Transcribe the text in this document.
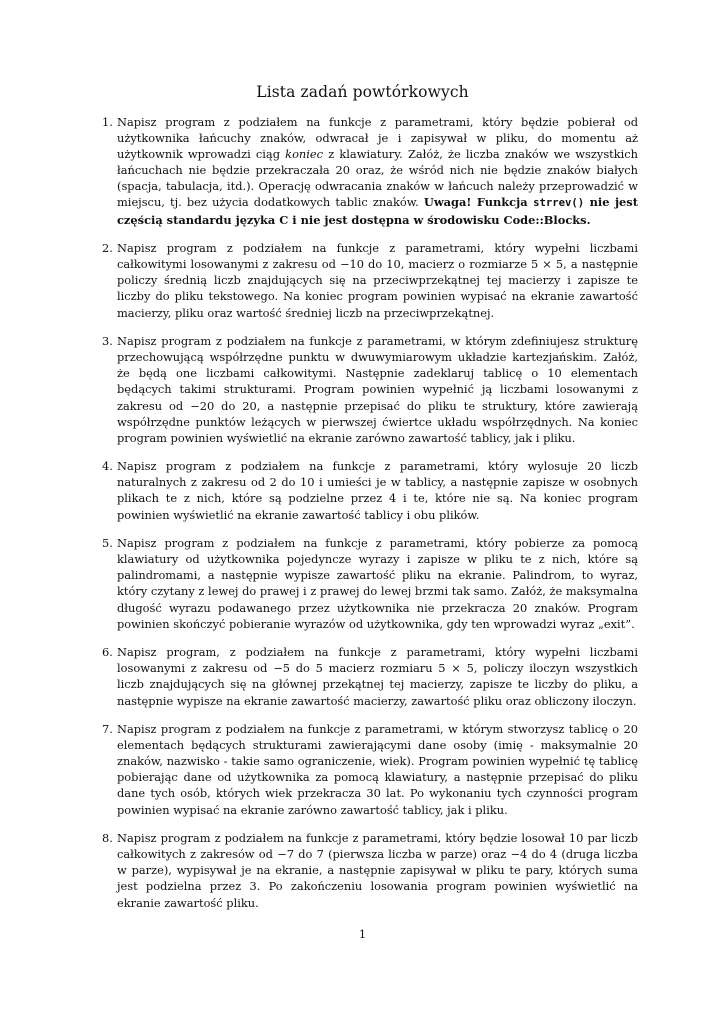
Lista zadań powtórkowych
1. Napisz program z podziałem na funkcje z parametrami, który będzie pobierał od użytkownika łańcuchy znaków, odwracał je i zapisywał w pliku, do momentu aż użytkownik wprowadzi ciąg koniec z klawiatury. Załóż, że liczba znaków we wszystkich łańcuchach nie będzie przekraczała 20 oraz, że wśród nich nie będzie znaków białych (spacja, tabulacja, itd.). Operację odwracania znaków w łańcuch należy przeprowadzić w miejscu, tj. bez użycia dodatkowych tablic znaków. Uwaga! Funkcja strrev() nie jest częścią standardu języka C i nie jest dostępna w środowisku Code::Blocks.
2. Napisz program z podziałem na funkcje z parametrami, który wypełni liczbami całkowitymi losowanymi z zakresu od −10 do 10, macierz o rozmiarze 5 × 5, a następnie policzy średnią liczb znajdujących się na przeciwprzekątnej tej macierzy i zapisze te liczby do pliku tekstowego. Na koniec program powinien wypisać na ekranie zawartość macierzy, pliku oraz wartość średniej liczb na przeciwprzekątnej.
3. Napisz program z podziałem na funkcje z parametrami, w którym zdefiniujesz strukturę przechowującą współrzędne punktu w dwuwymiarowym układzie kartezjańskim. Załóż, że będą one liczbami całkowitymi. Następnie zadeklaruj tablicę o 10 elementach będących takimi strukturami. Program powinien wypełnić ją liczbami losowanymi z zakresu od −20 do 20, a następnie przepisać do pliku te struktury, które zawierają współrzędne punktów leżących w pierwszej ćwiertce układu współrzędnych. Na koniec program powinien wyświetlić na ekranie zarówno zawartość tablicy, jak i pliku.
4. Napisz program z podziałem na funkcje z parametrami, który wylosuje 20 liczb naturalnych z zakresu od 2 do 10 i umieści je w tablicy, a następnie zapisze w osobnych plikach te z nich, które są podzielne przez 4 i te, które nie są. Na koniec program powinien wyświetlić na ekranie zawartość tablicy i obu plików.
5. Napisz program z podziałem na funkcje z parametrami, który pobierze za pomocą klawiatury od użytkownika pojedyncze wyrazy i zapisze w pliku te z nich, które są palindromami, a następnie wypisze zawartość pliku na ekranie. Palindrom, to wyraz, który czytany z lewej do prawej i z prawej do lewej brzmi tak samo. Załóż, że maksymalna długość wyrazu podawanego przez użytkownika nie przekracza 20 znaków. Program powinien skończyć pobieranie wyrazów od użytkownika, gdy ten wprowadzi wyraz „exit”.
6. Napisz program, z podziałem na funkcje z parametrami, który wypełni liczbami losowanymi z zakresu od −5 do 5 macierz rozmiaru 5 × 5, policzy iloczyn wszystkich liczb znajdujących się na głównej przekątnej tej macierzy, zapisze te liczby do pliku, a następnie wypisze na ekranie zawartość macierzy, zawartość pliku oraz obliczony iloczyn.
7. Napisz program z podziałem na funkcje z parametrami, w którym stworzysz tablicę o 20 elementach będących strukturami zawierającymi dane osoby (imię - maksymalnie 20 znaków, nazwisko - takie samo ograniczenie, wiek). Program powinien wypełnić tę tablicę pobierając dane od użytkownika za pomocą klawiatury, a następnie przepisać do pliku dane tych osób, których wiek przekracza 30 lat. Po wykonaniu tych czynności program powinien wypisać na ekranie zarówno zawartość tablicy, jak i pliku.
8. Napisz program z podziałem na funkcje z parametrami, który będzie losował 10 par liczb całkowitych z zakresów od −7 do 7 (pierwsza liczba w parze) oraz −4 do 4 (druga liczba w parze), wypisywał je na ekranie, a następnie zapisywał w pliku te pary, których suma jest podzielna przez 3. Po zakończeniu losowania program powinien wyświetlić na ekranie zawartość pliku.
1
